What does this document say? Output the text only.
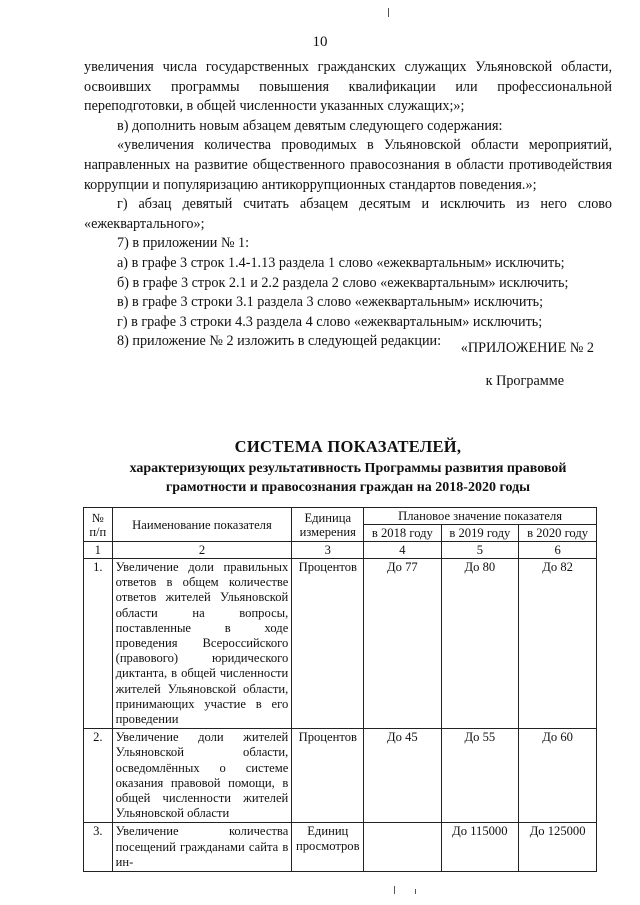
10

увеличения числа государственных гражданских служащих Ульяновской области, освоивших программы повышения квалификации или профессиональной переподготовки, в общей численности указанных служащих;»;

в) дополнить новым абзацем девятым следующего содержания:

«увеличения количества проводимых в Ульяновской области мероприятий, направленных на развитие общественного правосознания в области противодействия коррупции и популяризацию антикоррупционных стандартов поведения.»;

г) абзац девятый считать абзацем десятым и исключить из него слово «ежеквартального»;

7) в приложении № 1:

а) в графе 3 строк 1.4-1.13 раздела 1 слово «ежеквартальным» исключить;

б) в графе 3 строк 2.1 и 2.2 раздела 2 слово «ежеквартальным» исключить;

в) в графе 3 строки 3.1 раздела 3 слово «ежеквартальным» исключить;

г) в графе 3 строки 4.3 раздела 4 слово «ежеквартальным» исключить;

8) приложение № 2 изложить в следующей редакции:	«ПРИЛОЖЕНИЕ № 2
к Программе
СИСТЕМА ПОКАЗАТЕЛЕЙ,
характеризующих результативность Программы развития правовой
грамотности и правосознания граждан на 2018-2020 годы
№ п/п	Наименование показателя	Единица измерения	Плановое значение показателя		
			в 2018 году	в 2019 году	в 2020 году
1	2	3	4	5	6
1.	Увеличение доли правильных ответов в общем количестве ответов жителей Ульяновской области на вопросы, поставленные в ходе проведения Всероссийского (правового) юридического диктанта, в общей численности жителей Ульяновской области, принимающих участие в его проведении	Процентов	До 77	До 80	До 82
2.	Увеличение доли жителей Ульяновской области, осведомлённых о системе оказания правовой помощи, в общей численности жителей Ульяновской области	Процентов	До 45	До 55	До 60
3.	Увеличение количества посещений гражданами сайта в ин-	Единиц просмотров		До 115000	До 125000
